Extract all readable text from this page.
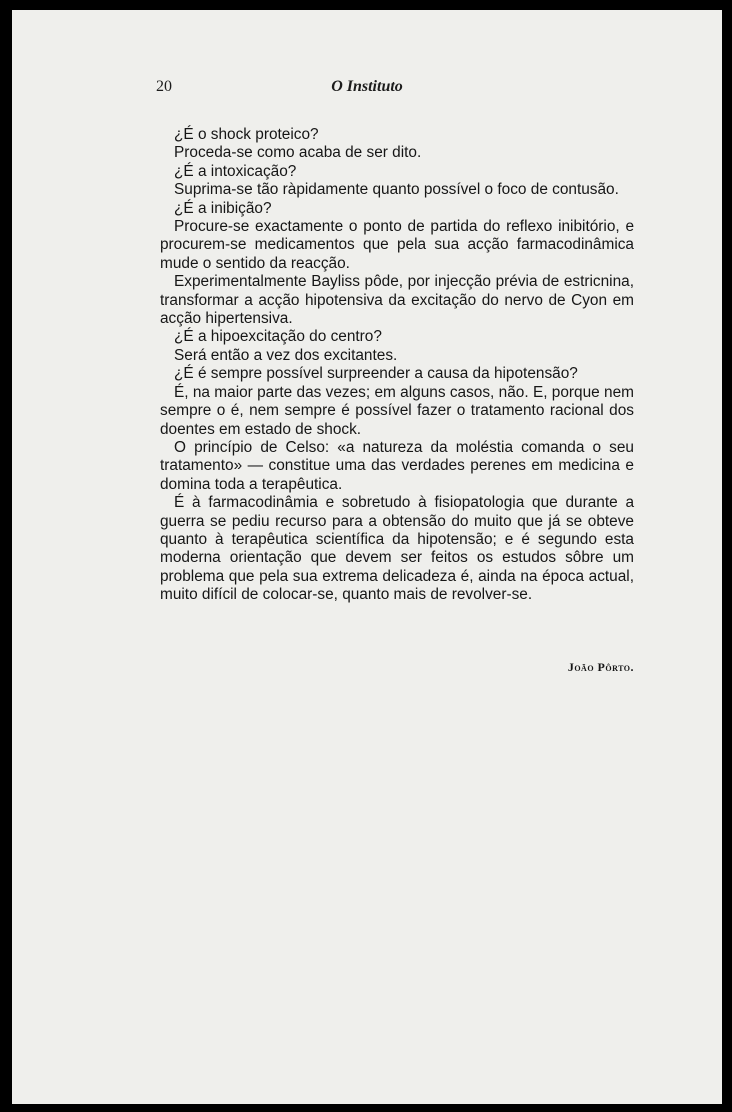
20	O Instituto

¿É o shock proteico?

Proceda-se como acaba de ser dito.

¿É a intoxicação?

Suprima-se tão ràpidamente quanto possível o foco de contusão.

¿É a inibição?

Procure-se exactamente o ponto de partida do reflexo inibitório, e procurem-se medicamentos que pela sua acção farmacodinâmica mude o sentido da reacção.

Experimentalmente Bayliss pôde, por injecção prévia de estricnina, transformar a acção hipotensiva da excitação do nervo de Cyon em acção hipertensiva.

¿É a hipoexcitação do centro?

Será então a vez dos excitantes.

¿É é sempre possível surpreender a causa da hipotensão?

É, na maior parte das vezes; em alguns casos, não. E, porque nem sempre o é, nem sempre é possível fazer o tratamento racional dos doentes em estado de shock.

O princípio de Celso: «a natureza da moléstia comanda o seu tratamento» — constitue uma das verdades perenes em medicina e domina toda a terapêutica.

É à farmacodinâmia e sobretudo à fisiopatologia que durante a guerra se pediu recurso para a obtensão do muito que já se obteve quanto à terapêutica scientífica da hipotensão; e é segundo esta moderna orientação que devem ser feitos os estudos sôbre um problema que pela sua extrema delicadeza é, ainda na época actual, muito difícil de colocar-se, quanto mais de revolver-se.

João Pôrto.
